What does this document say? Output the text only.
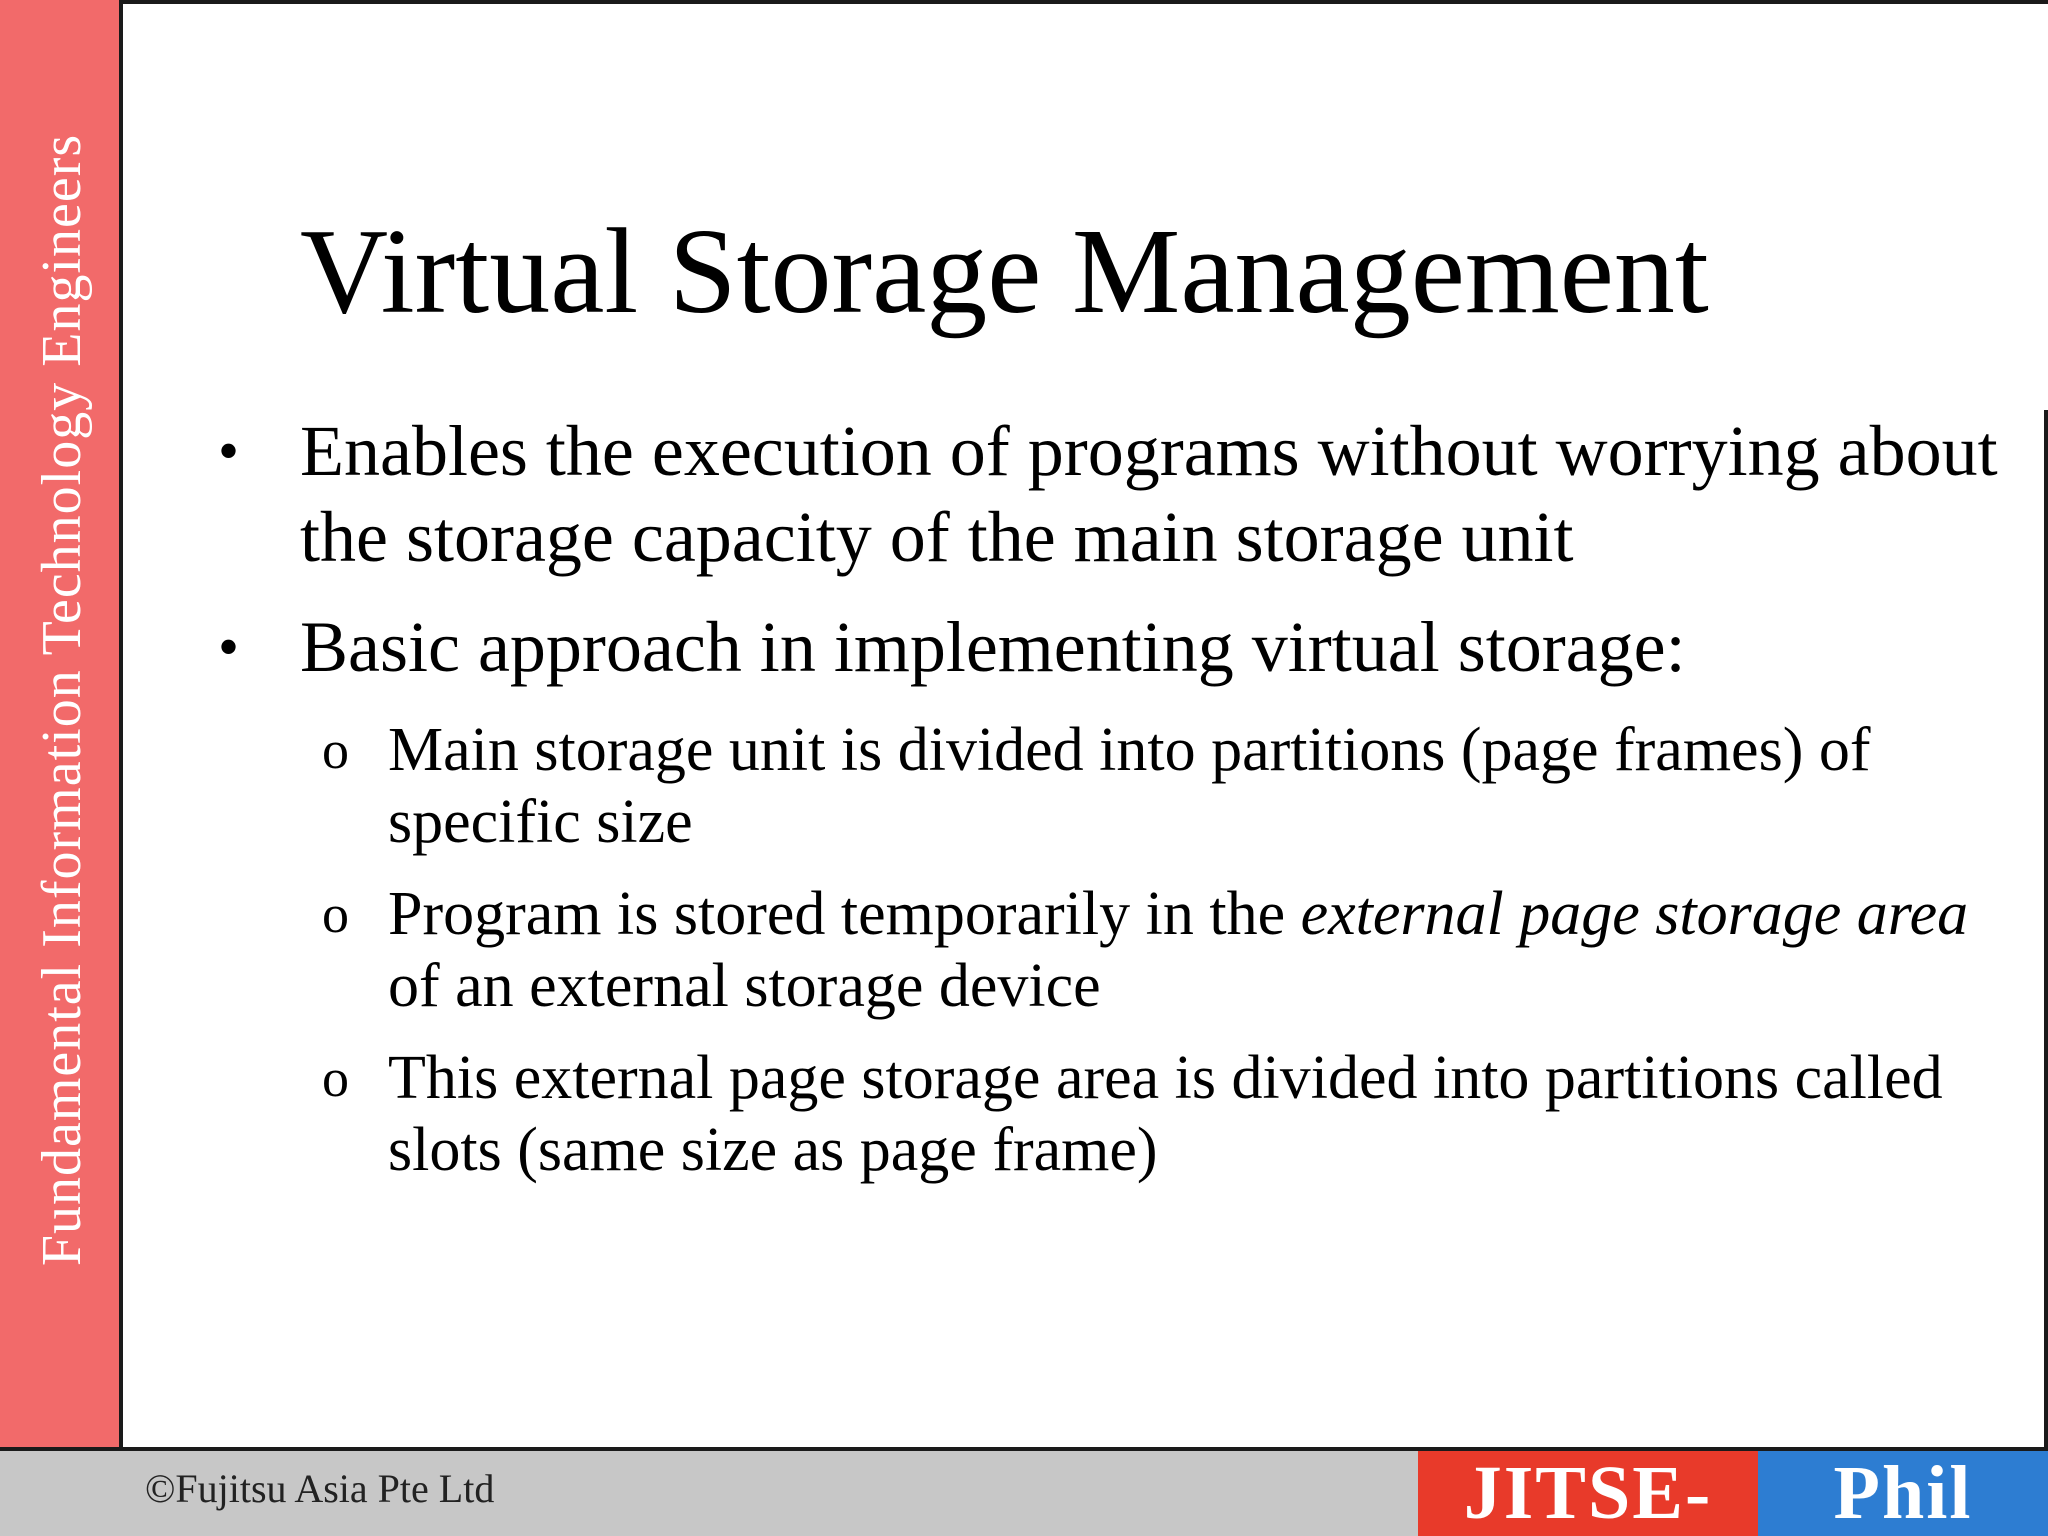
Fundamental Information Technology Engineers Virtual Storage Management
• Enables the execution of programs without worrying about the storage capacity of the main storage unit
• Basic approach in implementing virtual storage:
o Main storage unit is divided into partitions (page frames) of specific size
o Program is stored temporarily in the external page storage area of an external storage device
o This external page storage area is divided into partitions called slots (same size as page frame)
©Fujitsu Asia Pte Ltd	JITSE-	Phil
